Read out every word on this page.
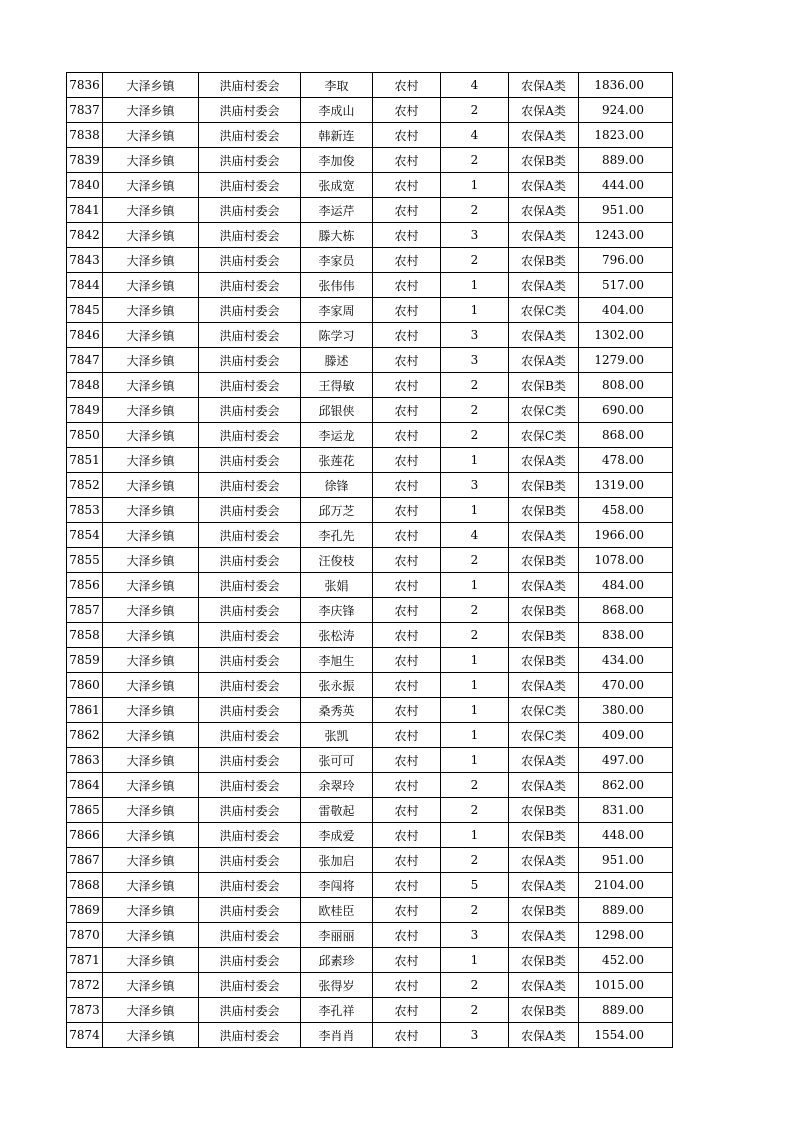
7836	大泽乡镇	洪庙村委会	李取	农村	4	农保A类	1836.00
7837	大泽乡镇	洪庙村委会	李成山	农村	2	农保A类	924.00
7838	大泽乡镇	洪庙村委会	韩新连	农村	4	农保A类	1823.00
7839	大泽乡镇	洪庙村委会	李加俊	农村	2	农保B类	889.00
7840	大泽乡镇	洪庙村委会	张成宽	农村	1	农保A类	444.00
7841	大泽乡镇	洪庙村委会	李运芹	农村	2	农保A类	951.00
7842	大泽乡镇	洪庙村委会	滕大栋	农村	3	农保A类	1243.00
7843	大泽乡镇	洪庙村委会	李家员	农村	2	农保B类	796.00
7844	大泽乡镇	洪庙村委会	张伟伟	农村	1	农保A类	517.00
7845	大泽乡镇	洪庙村委会	李家周	农村	1	农保C类	404.00
7846	大泽乡镇	洪庙村委会	陈学习	农村	3	农保A类	1302.00
7847	大泽乡镇	洪庙村委会	滕述	农村	3	农保A类	1279.00
7848	大泽乡镇	洪庙村委会	王得敏	农村	2	农保B类	808.00
7849	大泽乡镇	洪庙村委会	邱银侠	农村	2	农保C类	690.00
7850	大泽乡镇	洪庙村委会	李运龙	农村	2	农保C类	868.00
7851	大泽乡镇	洪庙村委会	张莲花	农村	1	农保A类	478.00
7852	大泽乡镇	洪庙村委会	徐锋	农村	3	农保B类	1319.00
7853	大泽乡镇	洪庙村委会	邱万芝	农村	1	农保B类	458.00
7854	大泽乡镇	洪庙村委会	李孔先	农村	4	农保A类	1966.00
7855	大泽乡镇	洪庙村委会	汪俊枝	农村	2	农保B类	1078.00
7856	大泽乡镇	洪庙村委会	张娟	农村	1	农保A类	484.00
7857	大泽乡镇	洪庙村委会	李庆锋	农村	2	农保B类	868.00
7858	大泽乡镇	洪庙村委会	张松涛	农村	2	农保B类	838.00
7859	大泽乡镇	洪庙村委会	李旭生	农村	1	农保B类	434.00
7860	大泽乡镇	洪庙村委会	张永振	农村	1	农保A类	470.00
7861	大泽乡镇	洪庙村委会	桑秀英	农村	1	农保C类	380.00
7862	大泽乡镇	洪庙村委会	张凯	农村	1	农保C类	409.00
7863	大泽乡镇	洪庙村委会	张可可	农村	1	农保A类	497.00
7864	大泽乡镇	洪庙村委会	余翠玲	农村	2	农保A类	862.00
7865	大泽乡镇	洪庙村委会	雷敬起	农村	2	农保B类	831.00
7866	大泽乡镇	洪庙村委会	李成爱	农村	1	农保B类	448.00
7867	大泽乡镇	洪庙村委会	张加启	农村	2	农保A类	951.00
7868	大泽乡镇	洪庙村委会	李闯将	农村	5	农保A类	2104.00
7869	大泽乡镇	洪庙村委会	欧桂臣	农村	2	农保B类	889.00
7870	大泽乡镇	洪庙村委会	李丽丽	农村	3	农保A类	1298.00
7871	大泽乡镇	洪庙村委会	邱素珍	农村	1	农保B类	452.00
7872	大泽乡镇	洪庙村委会	张得岁	农村	2	农保A类	1015.00
7873	大泽乡镇	洪庙村委会	李孔祥	农村	2	农保B类	889.00
7874	大泽乡镇	洪庙村委会	李肖肖	农村	3	农保A类	1554.00
